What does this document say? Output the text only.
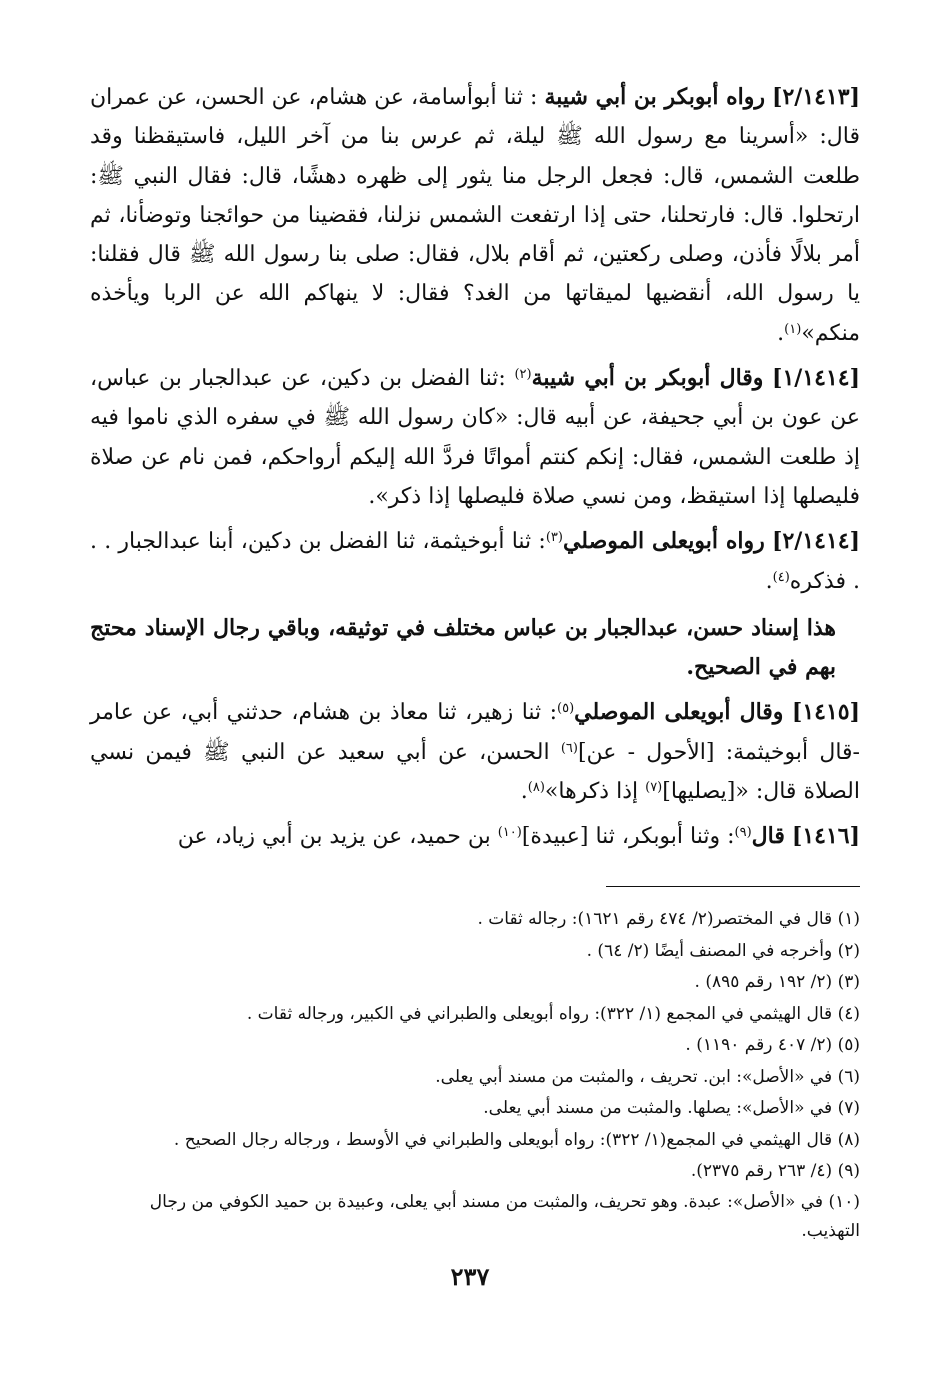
[٢/١٤١٣] رواه أبوبكر بن أبي شيبة : ثنا أبوأسامة، عن هشام، عن الحسن، عن عمران قال: «أسرينا مع رسول الله ﷺ ليلة، ثم عرس بنا من آخر الليل، فاستيقظنا وقد طلعت الشمس، قال: فجعل الرجل منا يثور إلى ظهره دهشًا، قال: فقال النبي ﷺ: ارتحلوا. قال: فارتحلنا، حتى إذا ارتفعت الشمس نزلنا، فقضينا من حوائجنا وتوضأنا، ثم أمر بلالًا فأذن، وصلى ركعتين، ثم أقام بلال، فقال: صلى بنا رسول الله ﷺ قال فقلنا: يا رسول الله، أنقضيها لميقاتها من الغد؟ فقال: لا ينهاكم الله عن الربا ويأخذه منكم»$^{(١)}$.

[١/١٤١٤] وقال أبوبكر بن أبي شيبة$^{(٢)}$ :ثنا الفضل بن دكين، عن عبدالجبار بن عباس، عن عون بن أبي جحيفة، عن أبيه قال: «كان رسول الله ﷺ في سفره الذي ناموا فيه إذ طلعت الشمس، فقال: إنكم كنتم أمواتًا فردَّ الله إليكم أرواحكم، فمن نام عن صلاة فليصلها إذا استيقظ، ومن نسي صلاة فليصلها إذا ذكر».

[٢/١٤١٤] رواه أبويعلى الموصلي$^{(٣)}$: ثنا أبوخيثمة، ثنا الفضل بن دكين، أبنا عبدالجبار . . . فذكره$^{(٤)}$.

هذا إسناد حسن، عبدالجبار بن عباس مختلف في توثيقه، وباقي رجال الإسناد محتج بهم في الصحيح.

[١٤١٥] وقال أبويعلى الموصلي$^{(٥)}$: ثنا زهير، ثنا معاذ بن هشام، حدثني أبي، عن عامر -قال أبوخيثمة: [الأحول - عن]$^{(٦)}$ الحسن، عن أبي سعيد عن النبي ﷺ فيمن نسي الصلاة قال: «[يصليها]$^{(٧)}$ إذا ذكرها»$^{(٨)}$.

[١٤١٦] قال$^{(٩)}$: وثنا أبوبكر، ثنا [عبيدة]$^{(١٠)}$ بن حميد، عن يزيد بن أبي زياد، عن

(١) قال في المختصر(٢/ ٤٧٤ رقم ١٦٢١): رجاله ثقات .

(٢) وأخرجه في المصنف أيضًا (٢/ ٦٤) .

(٣) (٢/ ١٩٢ رقم ٨٩٥) .

(٤) قال الهيثمي في المجمع (١/ ٣٢٢): رواه أبويعلى والطبراني في الكبير، ورجاله ثقات .

(٥) (٢/ ٤٠٧ رقم ١١٩٠) .

(٦) في «الأصل»: ابن. تحريف ، والمثبت من مسند أبي يعلى.

(٧) في «الأصل»: يصلها. والمثبت من مسند أبي يعلى.

(٨) قال الهيثمي في المجمع(١/ ٣٢٢): رواه أبويعلى والطبراني في الأوسط ، ورجاله رجال الصحيح .

(٩) (٤/ ٢٦٣ رقم ٢٣٧٥).

(١٠) في «الأصل»: عبدة. وهو تحريف، والمثبت من مسند أبي يعلى، وعبيدة بن حميد الكوفي من رجال التهذيب.

٢٣٧
